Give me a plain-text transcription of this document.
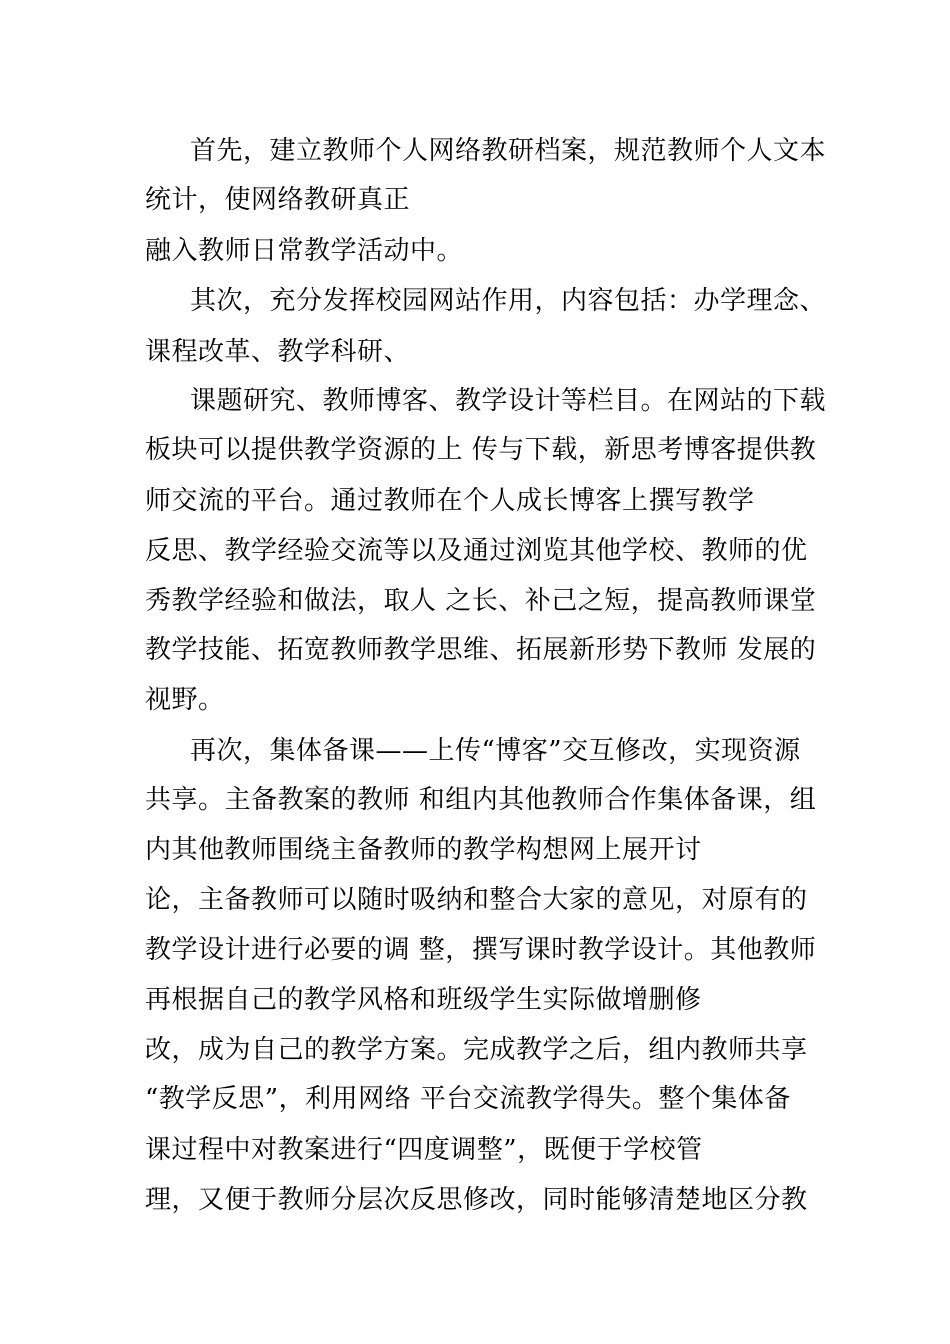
首先，建立教师个人网络教研档案，规范教师个人文本
统计，使网络教研真正
融入教师日常教学活动中。
其次，充分发挥校园网站作用，内容包括：办学理念、
课程改革、教学科研、
课题研究、教师博客、教学设计等栏目。在网站的下载
板块可以提供教学资源的上 传与下载，新思考博客提供教
师交流的平台。通过教师在个人成长博客上撰写教学
反思、教学经验交流等以及通过浏览其他学校、教师的优
秀教学经验和做法，取人 之长、补己之短，提高教师课堂
教学技能、拓宽教师教学思维、拓展新形势下教师 发展的
视野。
再次，集体备课——上传“博客”交互修改，实现资源
共享。主备教案的教师 和组内其他教师合作集体备课，组
内其他教师围绕主备教师的教学构想网上展开讨
论，主备教师可以随时吸纳和整合大家的意见，对原有的
教学设计进行必要的调 整，撰写课时教学设计。其他教师
再根据自己的教学风格和班级学生实际做增删修
改，成为自己的教学方案。完成教学之后，组内教师共享
“教学反思”，利用网络 平台交流教学得失。整个集体备
课过程中对教案进行“四度调整”，既便于学校管
理，又便于教师分层次反思修改，同时能够清楚地区分教
